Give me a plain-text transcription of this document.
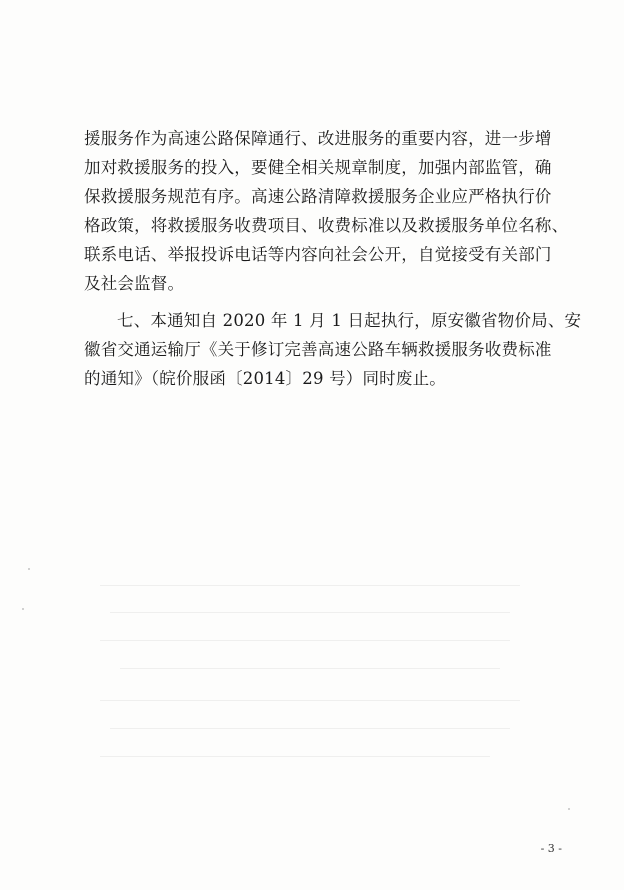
援服务作为高速公路保障通行、改进服务的重要内容，进一步增
加对救援服务的投入，要健全相关规章制度，加强内部监管，确
保救援服务规范有序。高速公路清障救援服务企业应严格执行价
格政策，将救援服务收费项目、收费标准以及救援服务单位名称、
联系电话、举报投诉电话等内容向社会公开，自觉接受有关部门
及社会监督。
七、本通知自 2020 年 1 月 1 日起执行，原安徽省物价局、安
徽省交通运输厅《关于修订完善高速公路车辆救援服务收费标准
的通知》（皖价服函〔2014〕29 号）同时废止。
- 3 -
